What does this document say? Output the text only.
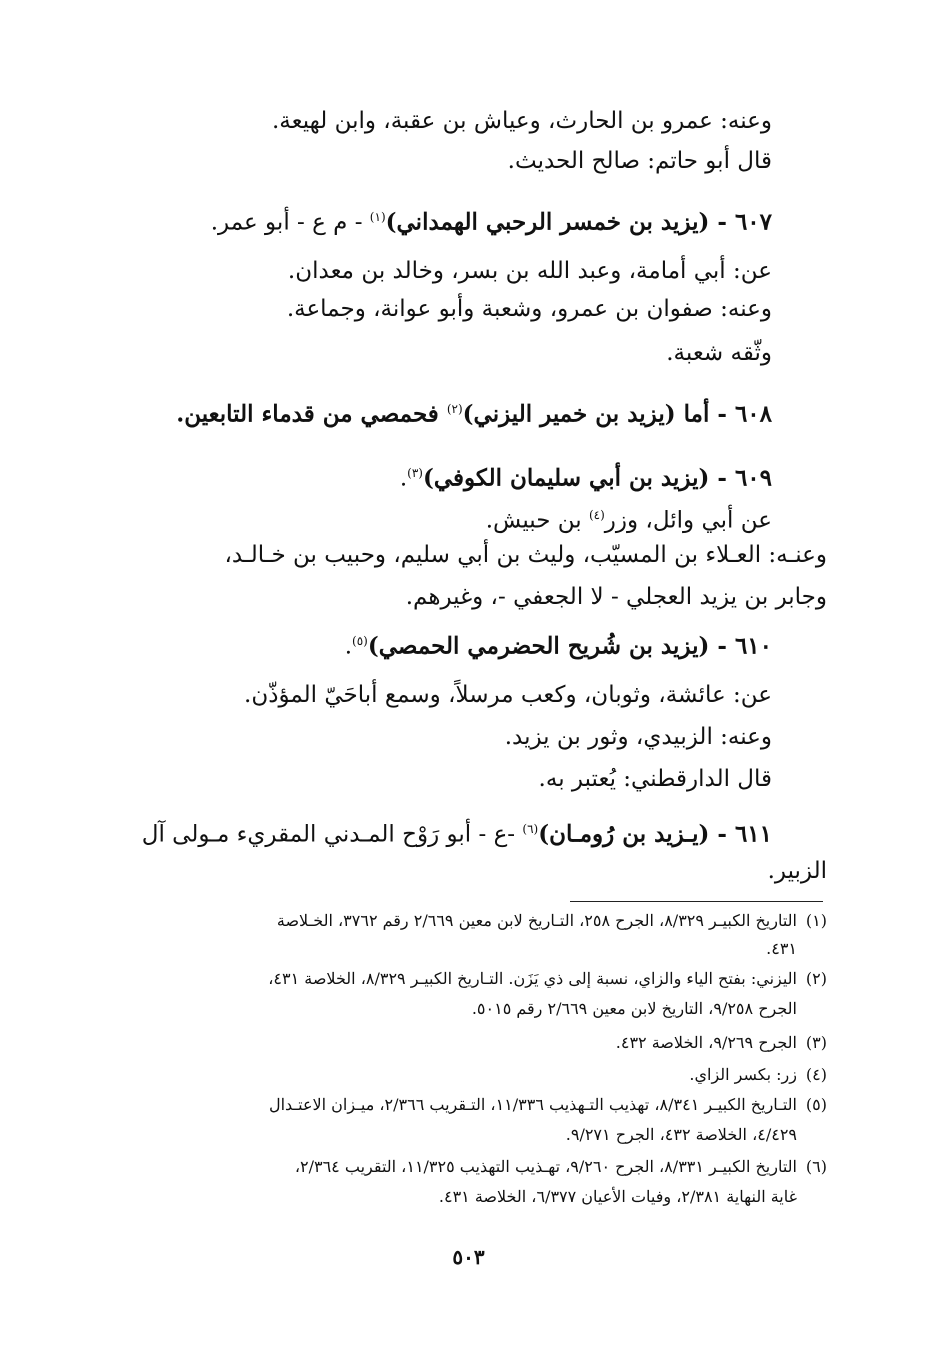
وعنه: عمرو بن الحارث، وعياش بن عقبة، وابن لهيعة.
قال أبو حاتم: صالح الحديث.
٦٠٧ - (يزيد بن خمسر الرحبي الهمداني)$^{(١)}$ - م ع - أبو عمر.
عن: أبي أمامة، وعبد الله بن بسر، وخالد بن معدان.
وعنه: صفوان بن عمرو، وشعبة وأبو عوانة، وجماعة.
وثّقه شعبة.
٦٠٨ - أما (يزيد بن خمير اليزني)$^{(٢)}$ فحمصي من قدماء التابعين.
٦٠٩ - (يزيد بن أبي سليمان الكوفي)$^{(٣)}$.
عن أبي وائل، وزر$^{(٤)}$ بن حبيش.
وعنـه: العـلاء بن المسيّب، وليث بن أبي سليم، وحبيب بن خـالـد،
وجابر بن يزيد العجلي - لا الجعفي -، وغيرهم.
٦١٠ - (يزيد بن شُريح الحضرمي الحمصي)$^{(٥)}$.
عن: عائشة، وثوبان، وكعب مرسلاً، وسمع أباحَيّ المؤذّن.
وعنه: الزبيدي، وثور بن يزيد.
قال الدارقطني: يُعتبر به.
٦١١ - (يـزيد بن رُومـان)$^{(٦)}$ -ع - أبو رَوْح المـدني المقريء مـولى آل
الزبير.
(١)التاريخ الكبيـر ٨/٣٢٩، الجرح ٢٥٨، التـاريخ لابن معين ٢/٦٦٩ رقم ٣٧٦٢، الخـلاصة
٤٣١.
(٢)اليزني: بفتح الياء والزاي، نسبة إلى ذي يَزَن. التـاريخ الكبيـر ٨/٣٢٩، الخلاصة ٤٣١،
الجرح ٩/٢٥٨، التاريخ لابن معين ٢/٦٦٩ رقم ٥٠١٥.
(٣)الجرح ٩/٢٦٩، الخلاصة ٤٣٢.
(٤)زر: بكسر الزاي.
(٥)التـاريخ الكبيـر ٨/٣٤١، تهذيب التـهذيب ١١/٣٣٦، التـقريب ٢/٣٦٦، ميـزان الاعتـدال
٤/٤٢٩، الخلاصة ٤٣٢، الجرح ٩/٢٧١.
(٦)التاريخ الكبيـر ٨/٣٣١، الجرح ٩/٢٦٠، تهـذيب التهذيب ١١/٣٢٥، التقريب ٢/٣٦٤،
غاية النهاية ٢/٣٨١، وفيات الأعيان ٦/٣٧٧، الخلاصة ٤٣١.
٥٠٣
